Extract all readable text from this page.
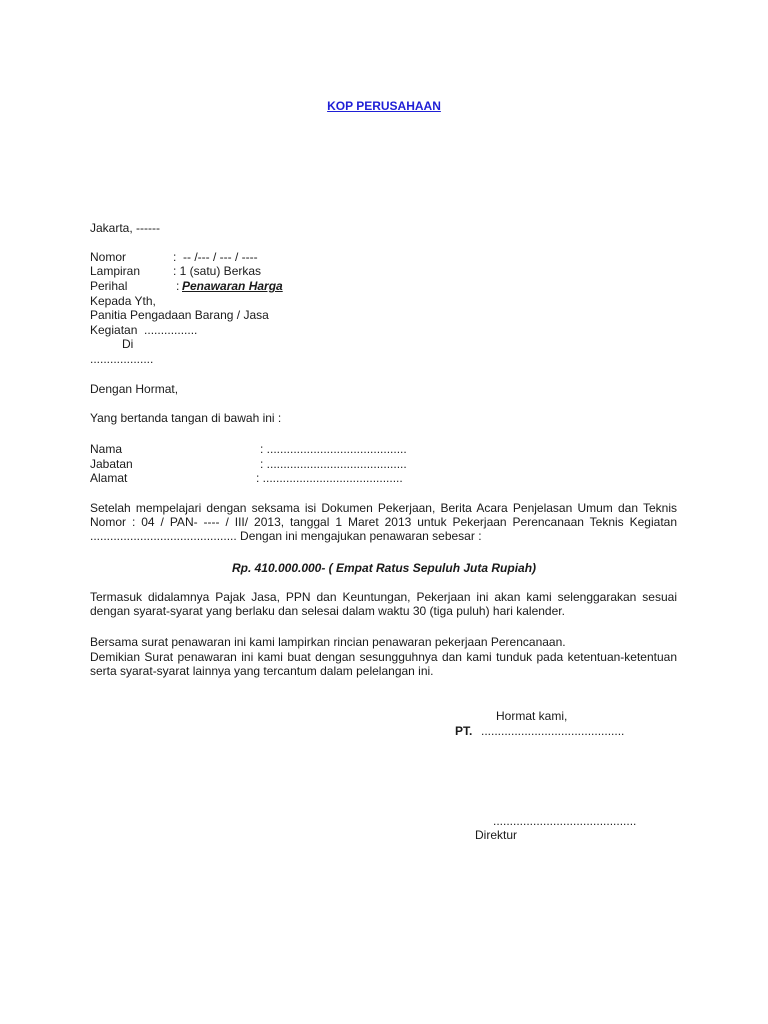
KOP PERUSAHAAN
Jakarta, ------
Nomor	:  -- /--- / --- / ----
Lampiran	: 1 (satu) Berkas
Perihal	: Penawaran Harga
Kepada Yth,
Panitia Pengadaan Barang / Jasa
Kegiatan  ................
Di
...................
Dengan Hormat,
Yang bertanda tangan di bawah ini :
Nama	: ..........................................
Jabatan	: ..........................................
Alamat	: ..........................................
Setelah mempelajari dengan seksama isi Dokumen Pekerjaan, Berita Acara Penjelasan Umum dan Teknis Nomor : 04 / PAN- ---- / III/ 2013, tanggal 1 Maret 2013 untuk Pekerjaan Perencanaan Teknis Kegiatan ............................................ Dengan ini mengajukan penawaran sebesar :
Rp. 410.000.000- ( Empat Ratus Sepuluh Juta Rupiah)
Termasuk didalamnya Pajak Jasa, PPN dan Keuntungan, Pekerjaan ini akan kami selenggarakan sesuai dengan syarat-syarat yang berlaku dan selesai dalam waktu 30 (tiga puluh) hari kalender.
Bersama surat penawaran ini kami lampirkan rincian penawaran pekerjaan Perencanaan.
Demikian Surat penawaran ini kami buat dengan sesungguhnya dan kami tunduk pada ketentuan-ketentuan serta syarat-syarat lainnya yang tercantum dalam pelelangan ini.
Hormat kami,
PT. ...........................................
...........................................
Direktur
